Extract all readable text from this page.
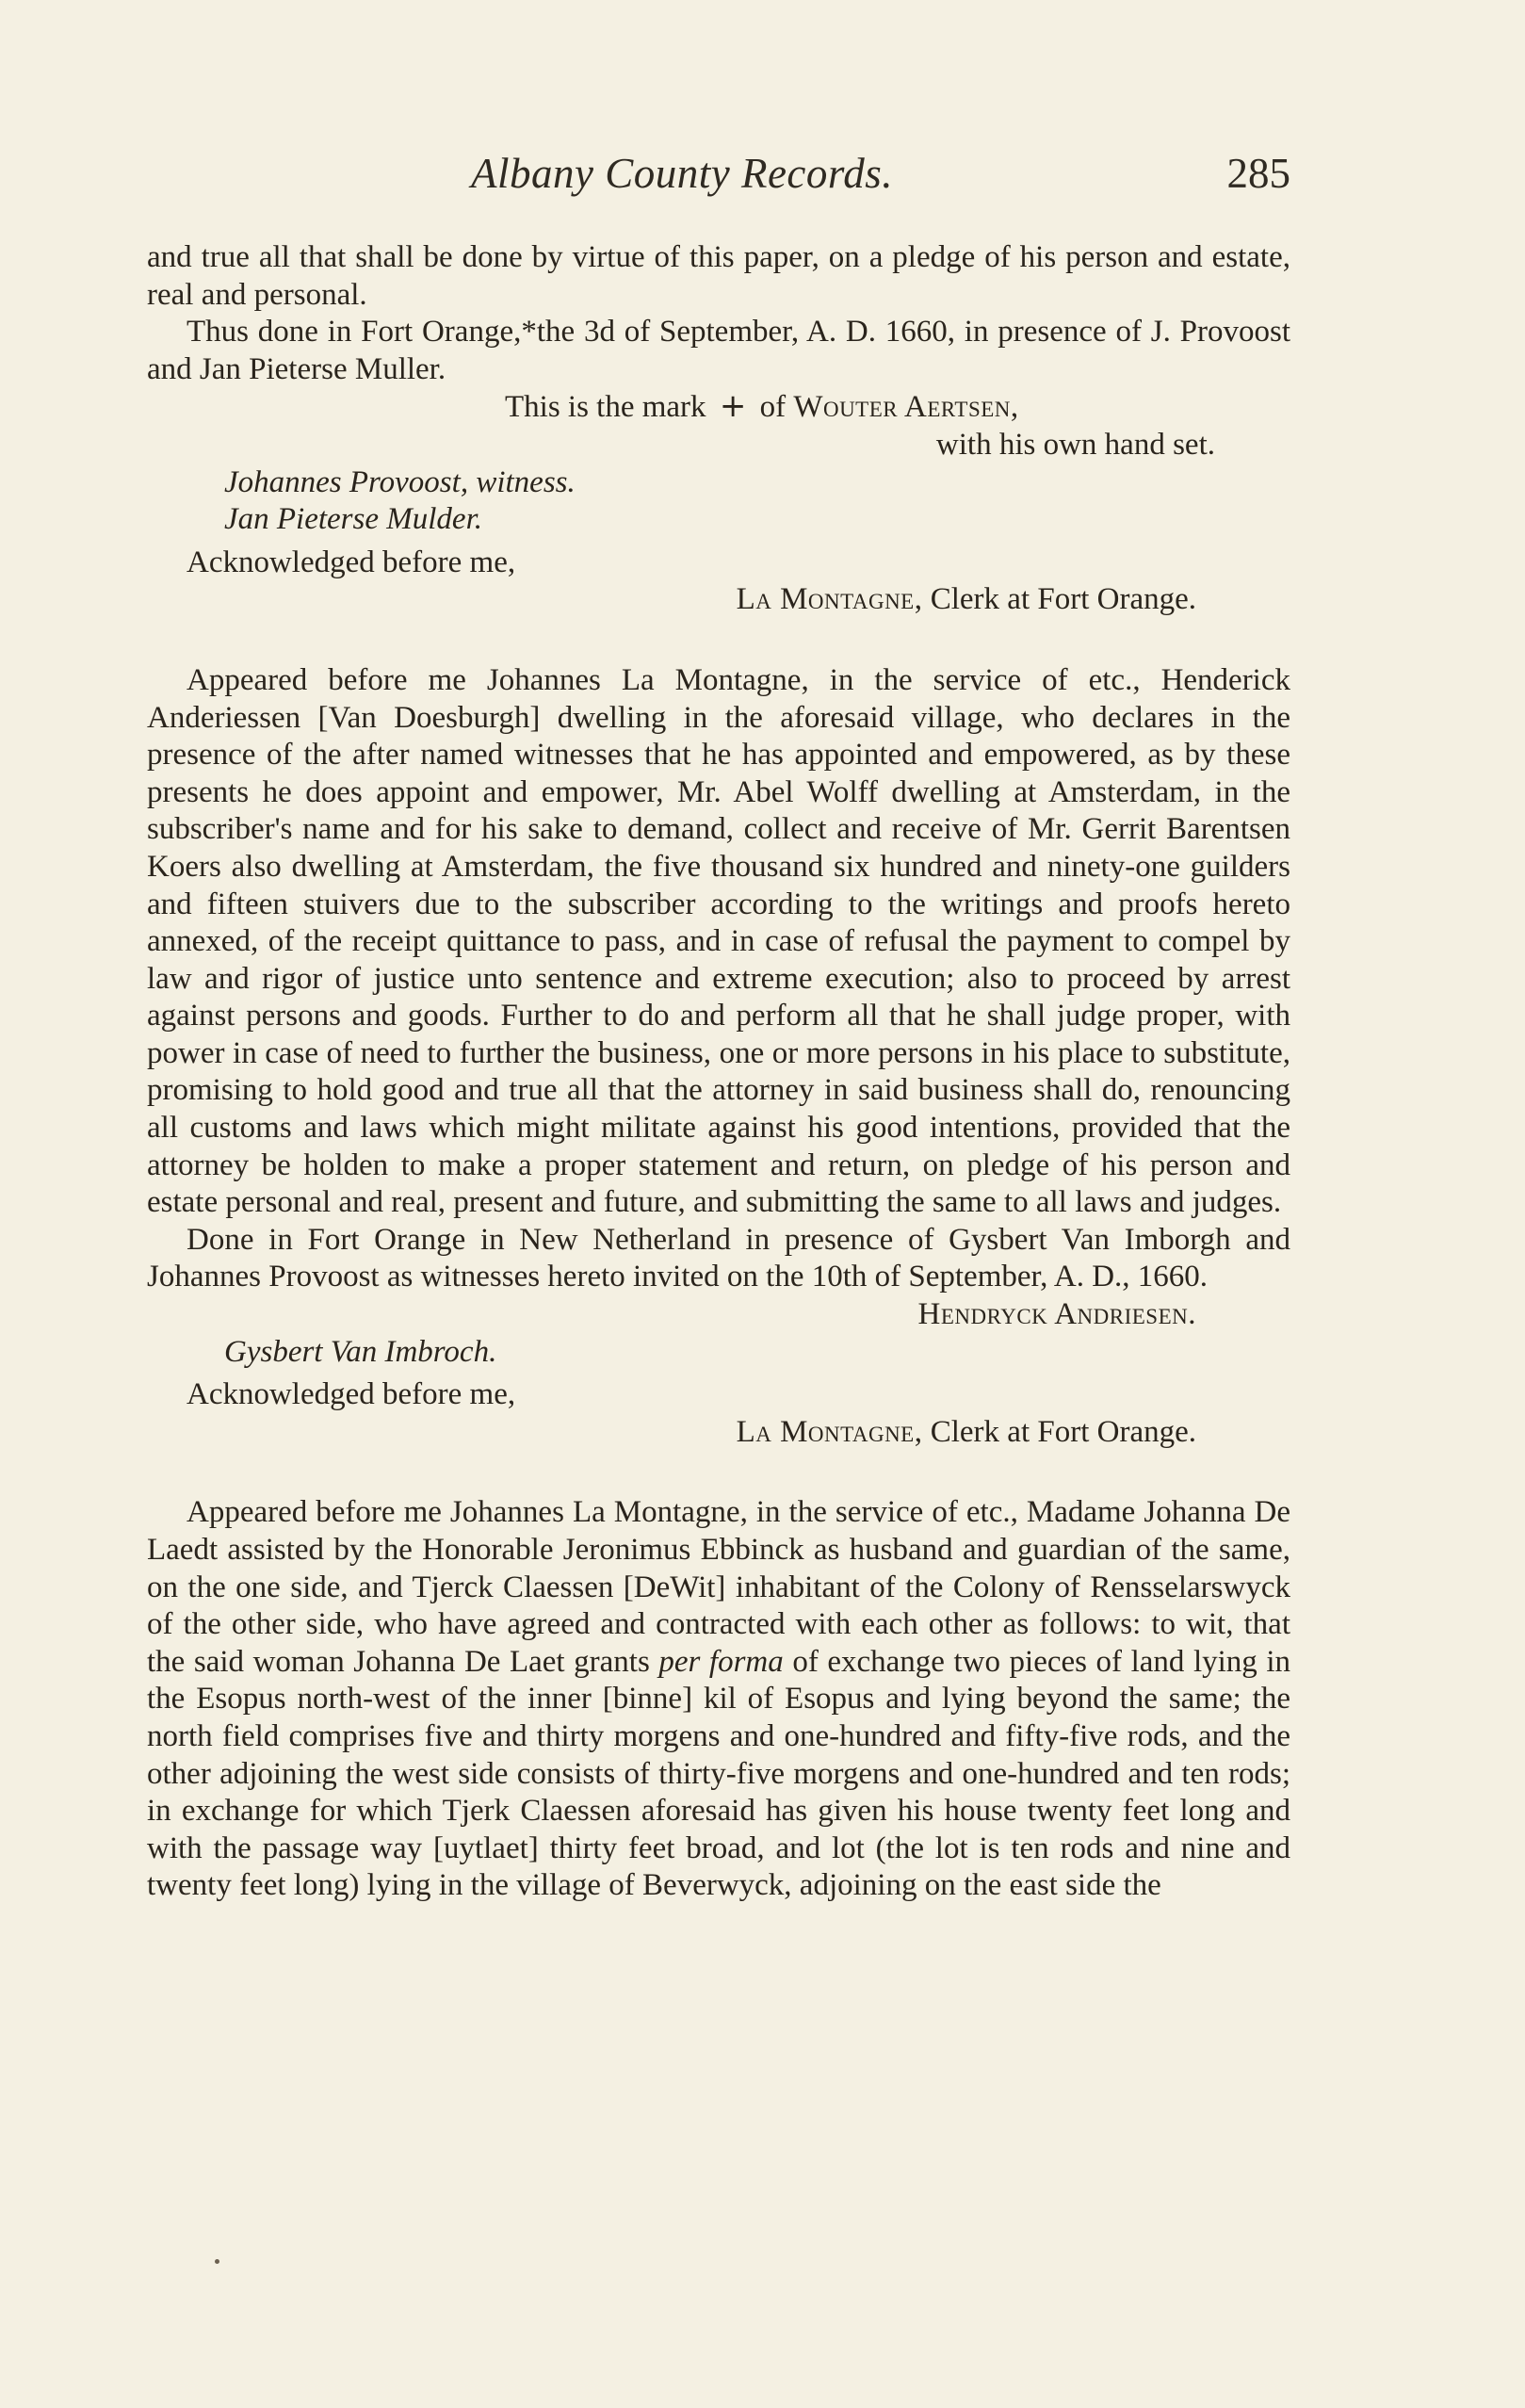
Albany County Records.	285

and true all that shall be done by virtue of this paper, on a pledge of his person and estate, real and personal.

Thus done in Fort Orange,*the 3d of September, A. D. 1660, in presence of J. Provoost and Jan Pieterse Muller.

This is the mark + of Wouter Aertsen,

with his own hand set.

Johannes Provoost, witness.

Jan Pieterse Mulder.

Acknowledged before me,

La Montagne, Clerk at Fort Orange.

Appeared before me Johannes La Montagne, in the service of etc., Henderick Anderiessen [Van Doesburgh] dwelling in the aforesaid village, who declares in the presence of the after named witnesses that he has appointed and empowered, as by these presents he does appoint and empower, Mr. Abel Wolff dwelling at Amsterdam, in the subscriber's name and for his sake to demand, collect and receive of Mr. Gerrit Barentsen Koers also dwelling at Amsterdam, the five thousand six hundred and ninety-one guilders and fifteen stuivers due to the subscriber according to the writings and proofs hereto annexed, of the receipt quittance to pass, and in case of refusal the payment to compel by law and rigor of justice unto sentence and extreme execution; also to proceed by arrest against persons and goods. Further to do and perform all that he shall judge proper, with power in case of need to further the business, one or more persons in his place to substitute, promising to hold good and true all that the attorney in said business shall do, renouncing all customs and laws which might militate against his good intentions, provided that the attorney be holden to make a proper statement and return, on pledge of his person and estate personal and real, present and future, and submitting the same to all laws and judges.

Done in Fort Orange in New Netherland in presence of Gysbert Van Imborgh and Johannes Provoost as witnesses hereto invited on the 10th of September, A. D., 1660.

Hendryck Andriesen.

Gysbert Van Imbroch.

Acknowledged before me,

La Montagne, Clerk at Fort Orange.

Appeared before me Johannes La Montagne, in the service of etc., Madame Johanna De Laedt assisted by the Honorable Jeronimus Ebbinck as husband and guardian of the same, on the one side, and Tjerck Claessen [DeWit] inhabitant of the Colony of Rensselarswyck of the other side, who have agreed and contracted with each other as follows: to wit, that the said woman Johanna De Laet grants per forma of exchange two pieces of land lying in the Esopus north-west of the inner [binne] kil of Esopus and lying beyond the same; the north field comprises five and thirty morgens and one-hundred and fifty-five rods, and the other adjoining the west side consists of thirty-five morgens and one-hundred and ten rods; in exchange for which Tjerk Claessen aforesaid has given his house twenty feet long and with the passage way [uytlaet] thirty feet broad, and lot (the lot is ten rods and nine and twenty feet long) lying in the village of Beverwyck, adjoining on the east side the
